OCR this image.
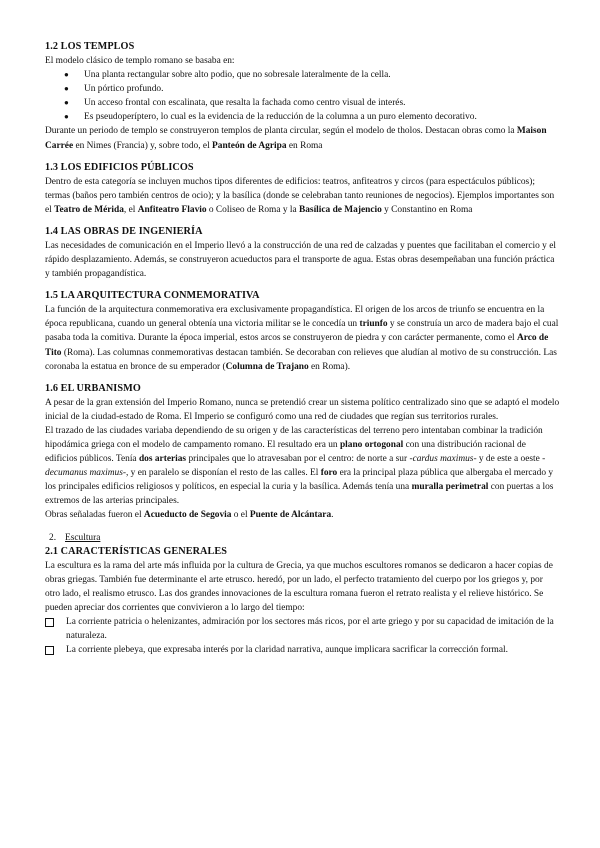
1.2 LOS TEMPLOS

El modelo clásico de templo romano se basaba en:

● Una planta rectangular sobre alto podio, que no sobresale lateralmente de la cella.
● Un pórtico profundo.
● Un acceso frontal con escalinata, que resalta la fachada como centro visual de interés.
● Es pseudoperíptero, lo cual es la evidencia de la reducción de la columna a un puro elemento decorativo.

Durante un periodo de templo se construyeron templos de planta circular, según el modelo de tholos. Destacan obras como la Maison Carrée en Nimes (Francia) y, sobre todo, el Panteón de Agripa en Roma

1.3 LOS EDIFICIOS PÚBLICOS

Dentro de esta categoría se incluyen muchos tipos diferentes de edificios: teatros, anfiteatros y circos (para espectáculos públicos); termas (baños pero también centros de ocio); y la basílica (donde se celebraban tanto reuniones de negocios). Ejemplos importantes son el Teatro de Mérida, el Anfiteatro Flavio o Coliseo de Roma y la Basílica de Majencio y Constantino en Roma

1.4 LAS OBRAS DE INGENIERÍA

Las necesidades de comunicación en el Imperio llevó a la construcción de una red de calzadas y puentes que facilitaban el comercio y el rápido desplazamiento. Además, se construyeron acueductos para el transporte de agua. Estas obras desempeñaban una función práctica y también propagandística.

1.5 LA ARQUITECTURA CONMEMORATIVA

La función de la arquitectura conmemorativa era exclusivamente propagandística. El origen de los arcos de triunfo se encuentra en la época republicana, cuando un general obtenía una victoria militar se le concedía un triunfo y se construía un arco de madera bajo el cual pasaba toda la comitiva. Durante la época imperial, estos arcos se construyeron de piedra y con carácter permanente, como el Arco de Tito (Roma). Las columnas conmemorativas destacan también. Se decoraban con relieves que aludían al motivo de su construcción. Las coronaba la estatua en bronce de su emperador (Columna de Trajano en Roma).

1.6 EL URBANISMO

A pesar de la gran extensión del Imperio Romano, nunca se pretendió crear un sistema político centralizado sino que se adaptó el modelo inicial de la ciudad-estado de Roma. El Imperio se configuró como una red de ciudades que regían sus territorios rurales.

El trazado de las ciudades variaba dependiendo de su origen y de las características del terreno pero intentaban combinar la tradición hipodámica griega con el modelo de campamento romano. El resultado era un plano ortogonal con una distribución racional de edificios públicos. Tenía dos arterias principales que lo atravesaban por el centro: de norte a sur -cardus maximus- y de este a oeste -decumanus maximus-, y en paralelo se disponían el resto de las calles. El foro era la principal plaza pública que albergaba el mercado y los principales edificios religiosos y políticos, en especial la curia y la basílica. Además tenía una muralla perimetral con puertas a los extremos de las arterias principales.

Obras señaladas fueron el Acueducto de Segovia o el Puente de Alcántara.

2. Escultura
2.1 CARACTERÍSTICAS GENERALES

La escultura es la rama del arte más influida por la cultura de Grecia, ya que muchos escultores romanos se dedicaron a hacer copias de obras griegas. También fue determinante el arte etrusco. heredó, por un lado, el perfecto tratamiento del cuerpo por los griegos y, por otro lado, el realismo etrusco. Las dos grandes innovaciones de la escultura romana fueron el retrato realista y el relieve histórico. Se pueden apreciar dos corrientes que convivieron a lo largo del tiempo:

La corriente patricia o helenizantes, admiración por los sectores más ricos, por el arte griego y por su capacidad de imitación de la naturaleza.
La corriente plebeya, que expresaba interés por la claridad narrativa, aunque implicara sacrificar la corrección formal.
